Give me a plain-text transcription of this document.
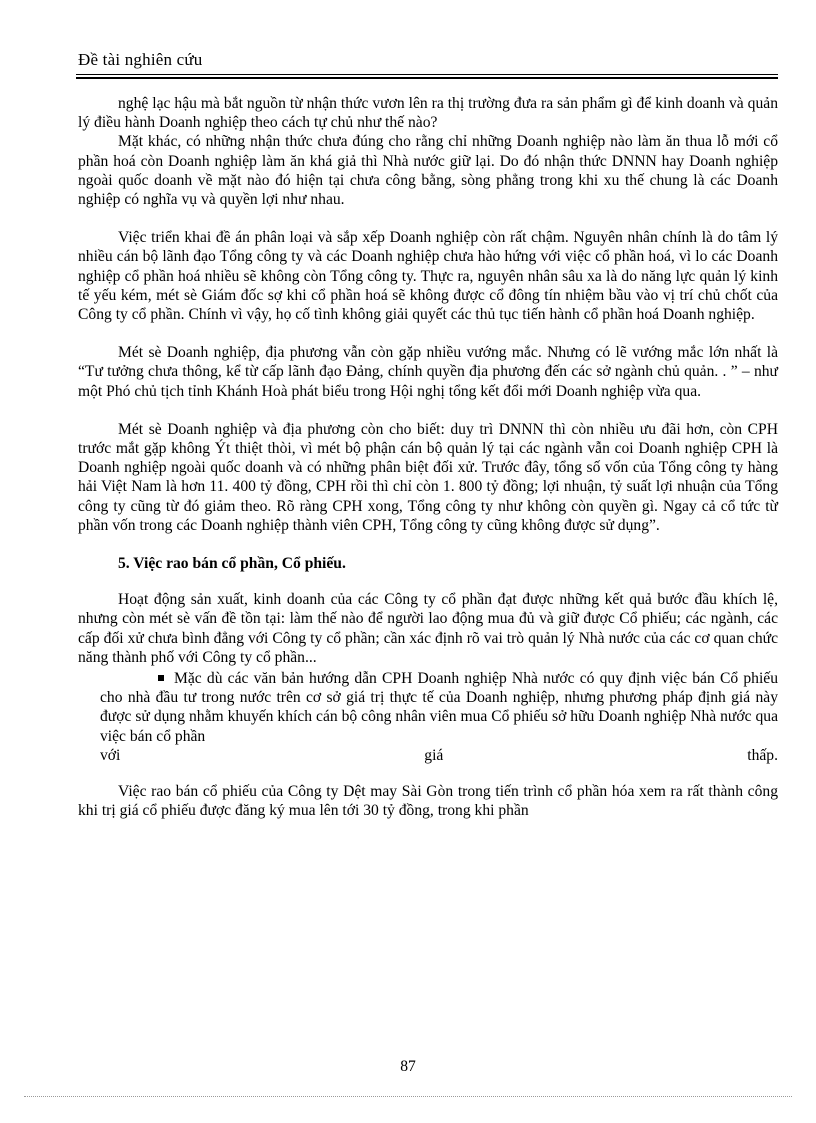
Đề tài nghiên cứu

nghệ lạc hậu mà bắt nguồn từ nhận thức vươn lên ra thị trường đưa ra sản phẩm gì để kinh doanh và quản lý điều hành Doanh nghiệp theo cách tự chủ như thế nào?

Mặt khác, có những nhận thức chưa đúng cho rằng chỉ những Doanh nghiệp nào làm ăn thua lỗ mới cổ phần hoá còn Doanh nghiệp làm ăn khá giả thì Nhà nước giữ lại. Do đó nhận thức DNNN hay Doanh nghiệp ngoài quốc doanh về mặt nào đó hiện tại chưa công bằng, sòng phẳng trong khi xu thế chung là các Doanh nghiệp có nghĩa vụ và quyền lợi như nhau.

Việc triển khai đề án phân loại và sắp xếp Doanh nghiệp còn rất chậm. Nguyên nhân chính là do tâm lý nhiều cán bộ lãnh đạo Tổng công ty và các Doanh nghiệp chưa hào hứng với việc cổ phần hoá, vì lo các Doanh nghiệp cổ phần hoá nhiều sẽ không còn Tổng công ty. Thực ra, nguyên nhân sâu xa là do năng lực quản lý kinh tế yếu kém, mét sè Giám đốc sợ khi cổ phần hoá sẽ không được cổ đông tín nhiệm bầu vào vị trí chủ chốt của Công ty cổ phần. Chính vì vậy, họ cố tình không giải quyết các thủ tục tiến hành cổ phần hoá Doanh nghiệp.

Mét sè Doanh nghiệp, địa phương vẫn còn gặp nhiều vướng mắc. Nhưng có lẽ vướng mắc lớn nhất là “Tư tưởng chưa thông, kể từ cấp lãnh đạo Đảng, chính quyền địa phương đến các sở ngành chủ quản. . ” – như một Phó chủ tịch tỉnh Khánh Hoà phát biểu trong Hội nghị tổng kết đổi mới Doanh nghiệp vừa qua.

Mét sè Doanh nghiệp và địa phương còn cho biết: duy trì DNNN thì còn nhiều ưu đãi hơn, còn CPH trước mắt gặp không Ýt thiệt thòi, vì mét bộ phận cán bộ quản lý tại các ngành vẫn coi Doanh nghiệp CPH là Doanh nghiệp ngoài quốc doanh và có những phân biệt đối xử. Trước đây, tổng số vốn của Tổng công ty hàng hải Việt Nam là hơn 11. 400 tỷ đồng, CPH rồi thì chỉ còn 1. 800 tỷ đồng; lợi nhuận, tỷ suất lợi nhuận của Tổng công ty cũng từ đó giảm theo. Rõ ràng CPH xong, Tổng công ty như không còn quyền gì. Ngay cả cổ tức từ phần vốn trong các Doanh nghiệp thành viên CPH, Tổng công ty cũng không được sử dụng”.

5. Việc rao bán cổ phần, Cổ phiếu.

Hoạt động sản xuất, kinh doanh của các Công ty cổ phần đạt được những kết quả bước đầu khích lệ, nhưng còn mét sè vấn đề tồn tại: làm thế nào để người lao động mua đủ và giữ được Cổ phiếu; các ngành, các cấp đối xử chưa bình đẳng với Công ty cổ phần; cần xác định rõ vai trò quản lý Nhà nước của các cơ quan chức năng thành phố với Công ty cổ phần...

Mặc dù các văn bản hướng dẫn CPH Doanh nghiệp Nhà nước có quy định việc bán Cổ phiếu cho nhà đầu tư trong nước trên cơ sở giá trị thực tế của Doanh nghiệp, nhưng phương pháp định giá này được sử dụng nhằm khuyến khích cán bộ công nhân viên mua Cổ phiếu sở hữu Doanh nghiệp Nhà nước qua việc bán cổ phần
với	giá	thấp.

Việc rao bán cổ phiếu của Công ty Dệt may Sài Gòn trong tiến trình cổ phần hóa xem ra rất thành công khi trị giá cổ phiếu được đăng ký mua lên tới 30 tỷ đồng, trong khi phần

87
